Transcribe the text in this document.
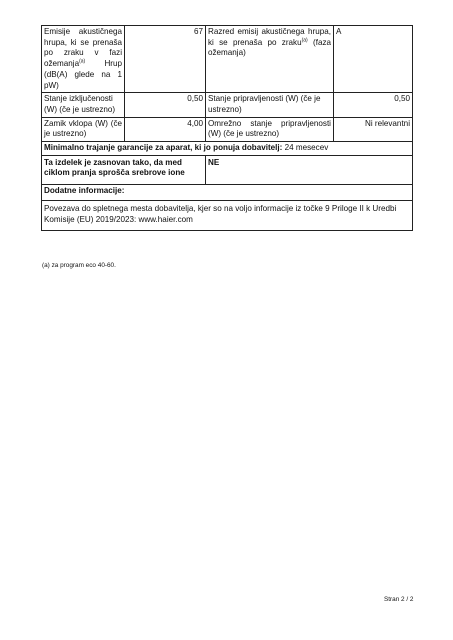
Emisije akustičnega hrupa, ki se prenaša po zraku v fazi ožemanja$^{(a)}$ Hrup (dB(A) glede na 1 pW)	67	Razred emisij akustičnega hrupa, ki se prenaša po zraku$^{(a)}$ (faza ožemanja)	A
Stanje izključenosti (W) (če je ustrezno)	0,50	Stanje pripravljenosti (W) (če je ustrezno)	0,50
Zamik vklopa (W) (če je ustrezno)	4,00	Omrežno stanje pripravljenosti (W) (če je ustrezno)	Ni relevantni
Minimalno trajanje garancije za aparat, ki jo ponuja dobavitelj: 24 mesecev			
Ta izdelek je zasnovan tako, da med ciklom pranja sprošča srebrove ione		NE	
Dodatne informacije:			
Povezava do spletnega mesta dobavitelja, kjer so na voljo informacije iz točke 9 Priloge II k Uredbi Komisije (EU) 2019/2023: www.haier.com			
(a) za program eco 40-60.
Stran 2 / 2
